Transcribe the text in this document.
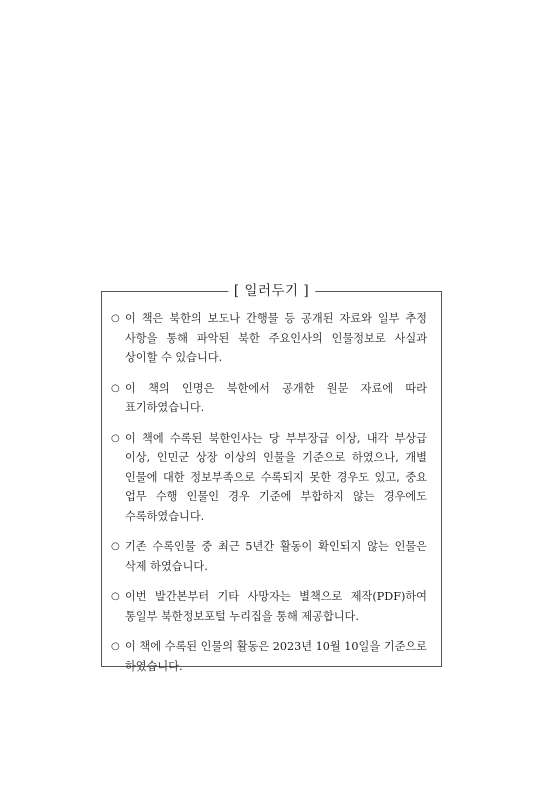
[ 일러두기 ]
○ 이 책은 북한의 보도나 간행물 등 공개된 자료와 일부 추정 사항을 통해 파악된 북한 주요인사의 인물정보로 사실과 상이할 수 있습니다.
○ 이 책의 인명은 북한에서 공개한 원문 자료에 따라 표기하였습니다.
○ 이 책에 수록된 북한인사는 당 부부장급 이상, 내각 부상급 이상, 인민군 상장 이상의 인물을 기준으로 하였으나, 개별 인물에 대한 정보부족으로 수록되지 못한 경우도 있고, 중요 업무 수행 인물인 경우 기준에 부합하지 않는 경우에도 수록하였습니다.
○ 기존 수록인물 중 최근 5년간 활동이 확인되지 않는 인물은 삭제 하였습니다.
○ 이번 발간본부터 기타 사망자는 별책으로 제작(PDF)하여 통일부 북한정보포털 누리집을 통해 제공합니다.
○ 이 책에 수록된 인물의 활동은 2023년 10월 10일을 기준으로 하였습니다.
